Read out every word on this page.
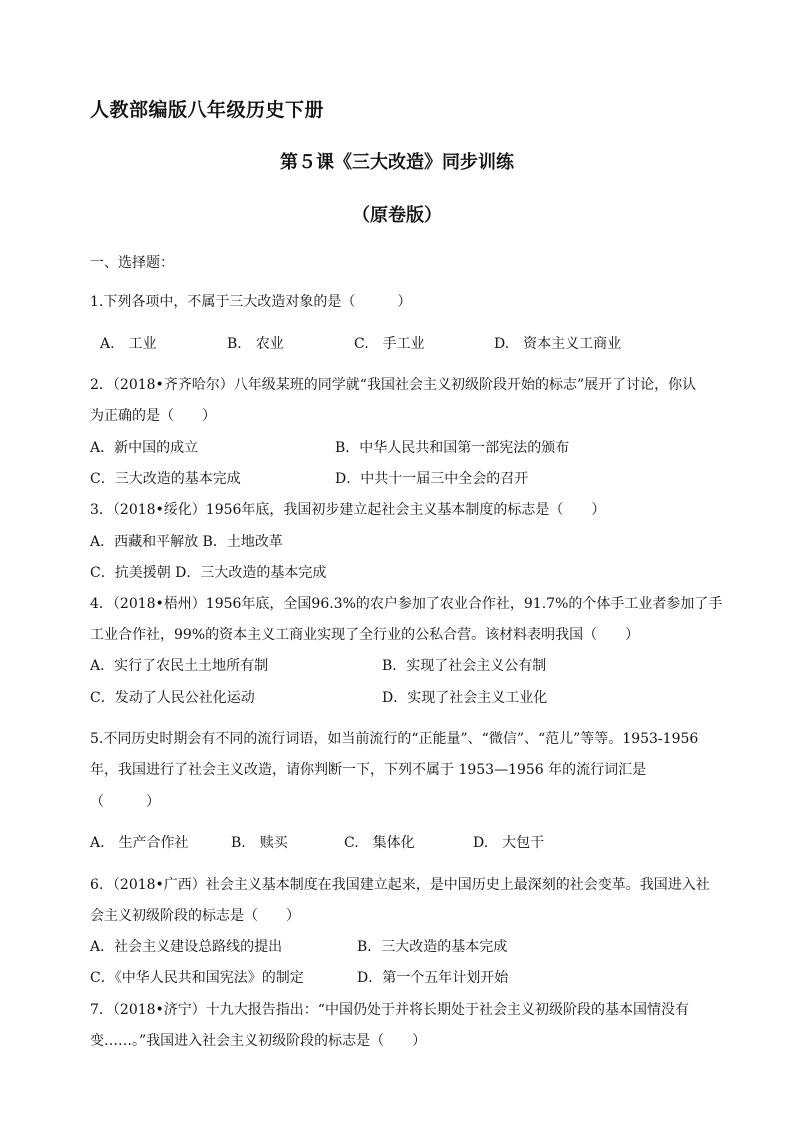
人教部编版八年级历史下册
第５课《三大改造》同步训练
（原卷版）
一、选择题：
1.下列各项中，不属于三大改造对象的是（　　　）
A.　工业	B.　农业	C.　手工业	D.　资本主义工商业
2．（2018•齐齐哈尔）八年级某班的同学就“我国社会主义初级阶段开始的标志”展开了讨论，你认
为正确的是（　　）
A．新中国的成立	B．中华人民共和国第一部宪法的颁布
C．三大改造的基本完成	D．中共十一届三中全会的召开
3．（2018•绥化）1956年底，我国初步建立起社会主义基本制度的标志是（　　）
A．西藏和平解放 B．土地改革
C．抗美援朝 D．三大改造的基本完成
4．（2018•梧州）1956年底，全国96.3%的农户参加了农业合作社，91.7%的个体手工业者参加了手
工业合作社，99%的资本主义工商业实现了全行业的公私合营。该材料表明我国（　　）
A．实行了农民土土地所有制	B．实现了社会主义公有制
C．发动了人民公社化运动	D．实现了社会主义工业化
5.不同历史时期会有不同的流行词语，如当前流行的“正能量”、“微信”、“范儿”等等。1953-1956
年，我国进行了社会主义改造，请你判断一下，下列不属于 1953—1956 年的流行词汇是
（　　　）
A.　生产合作社	B.　赎买	C.　集体化	D.　大包干
6．（2018•广西）社会主义基本制度在我国建立起来，是中国历史上最深刻的社会变革。我国进入社
会主义初级阶段的标志是（　　）
A．社会主义建设总路线的提出	B．三大改造的基本完成
C．《中华人民共和国宪法》的制定	D．第一个五年计划开始
7．（2018•济宁）十九大报告指出：“中国仍处于并将长期处于社会主义初级阶段的基本国情没有
变……。”我国进入社会主义初级阶段的标志是（　　）
